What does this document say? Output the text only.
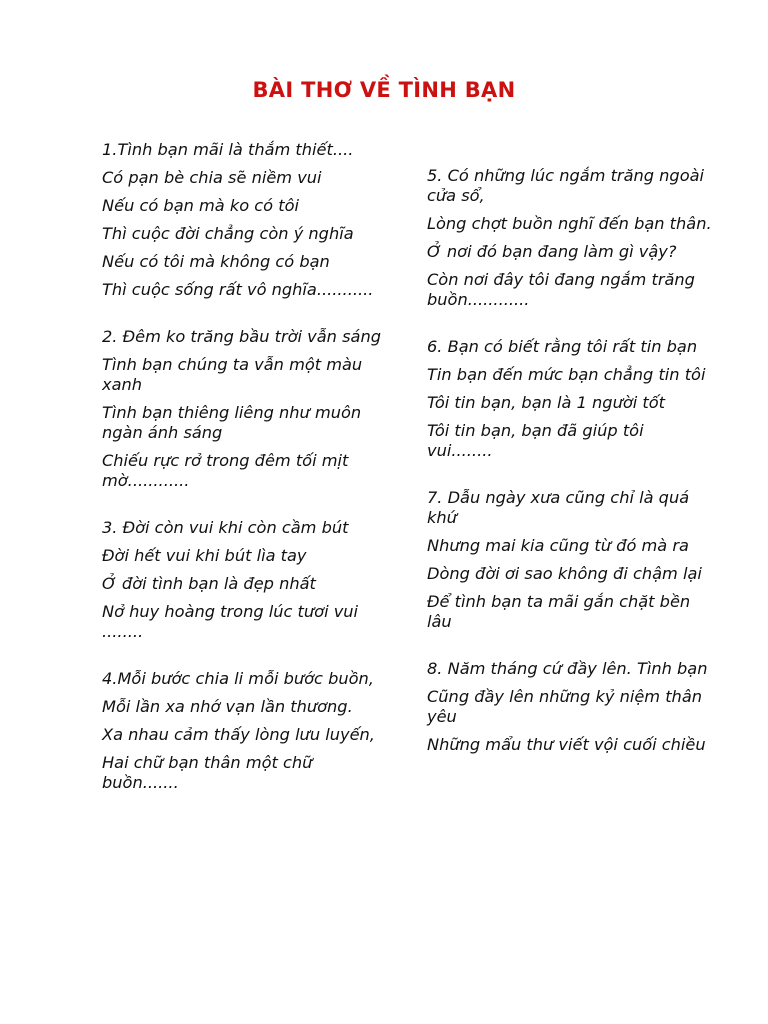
BÀI THƠ VỀ TÌNH BẠN
1.Tình bạn mãi là thắm thiết....
Có pạn bè chia sẽ niềm vui
Nếu có bạn mà ko có tôi
Thì cuộc đời chẳng còn ý nghĩa
Nếu có tôi mà không có bạn
Thì cuộc sống rất vô nghĩa...........
2. Đêm ko trăng bầu trời vẫn sáng
Tình bạn chúng ta vẫn một màu xanh
Tình bạn thiêng liêng như muôn ngàn ánh sáng
Chiếu rực rở trong đêm tối mịt mờ............
3. Đời còn vui khi còn cầm bút
Đời hết vui khi bút lìa tay
Ở đời tình bạn là đẹp nhất
Nở huy hoàng trong lúc tươi vui ........
4.Mỗi bước chia li mỗi bước buồn,
Mỗi lần xa nhớ vạn lần thương.
Xa nhau cảm thấy lòng lưu luyến,
Hai chữ bạn thân một chữ buồn.......
5. Có những lúc ngắm trăng ngoài cửa sổ,
Lòng chợt buồn nghĩ đến bạn thân.
Ở nơi đó bạn đang làm gì vậy?
Còn nơi đây tôi đang ngắm trăng buồn............
6. Bạn có biết rằng tôi rất tin bạn
Tin bạn đến mức bạn chẳng tin tôi
Tôi tin bạn, bạn là 1 người tốt
Tôi tin bạn, bạn đã giúp tôi vui........
7. Dẫu ngày xưa cũng chỉ là quá khứ
Nhưng mai kia cũng từ đó mà ra
Dòng đời ơi sao không đi chậm lại
Để tình bạn ta mãi gắn chặt bền lâu
8. Năm tháng cứ đầy lên. Tình bạn
Cũng đầy lên những kỷ niệm thân yêu
Những mẩu thư viết vội cuối chiều
